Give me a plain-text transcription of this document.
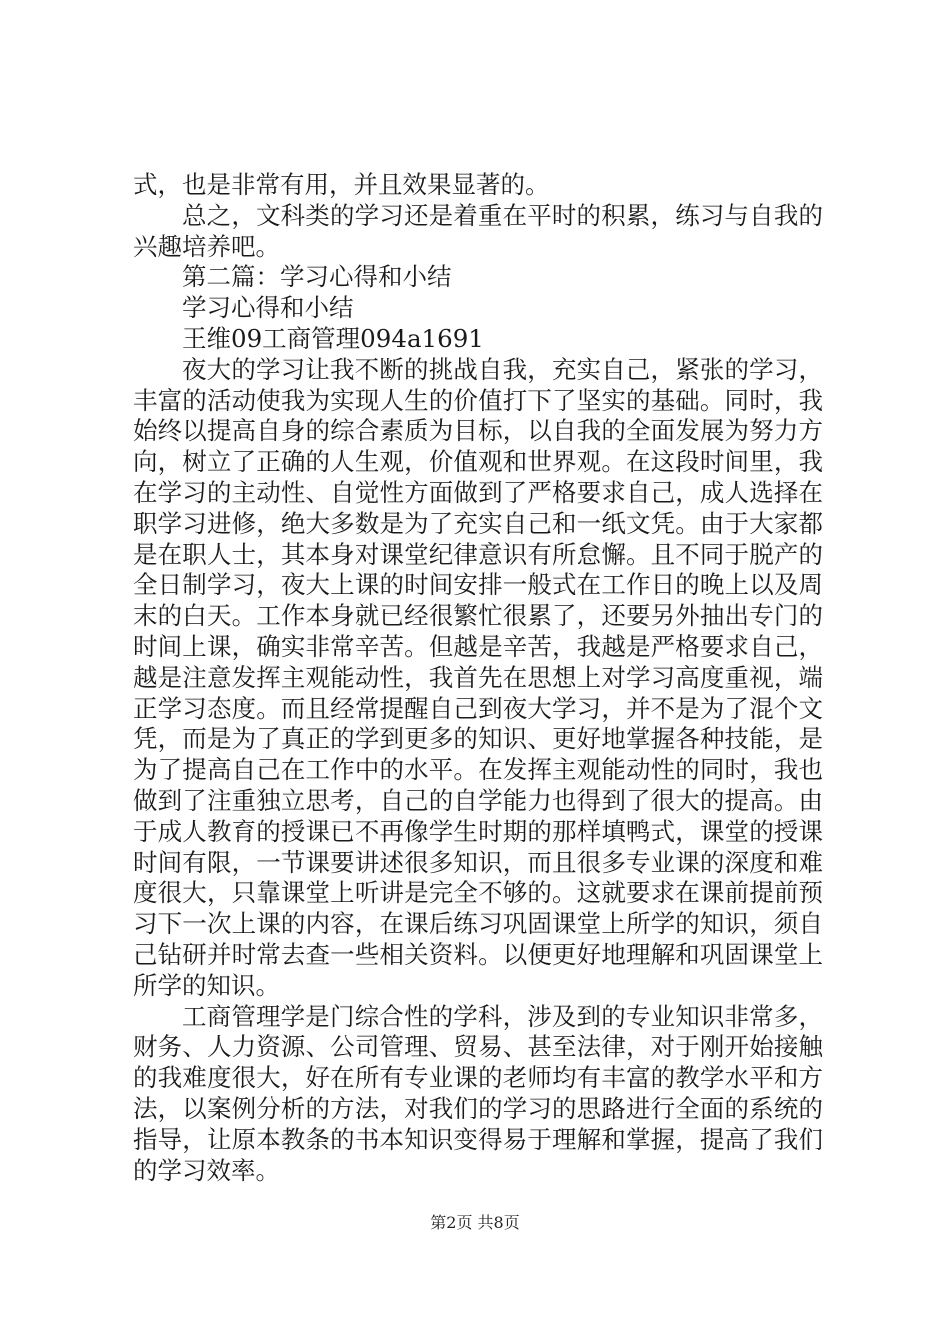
式，也是非常有用，并且效果显著的。

总之，文科类的学习还是着重在平时的积累，练习与自我的兴趣培养吧。

第二篇：学习心得和小结

学习心得和小结

王维09工商管理094a1691

夜大的学习让我不断的挑战自我，充实自己，紧张的学习，丰富的活动使我为实现人生的价值打下了坚实的基础。同时，我始终以提高自身的综合素质为目标，以自我的全面发展为努力方向，树立了正确的人生观，价值观和世界观。在这段时间里，我在学习的主动性、自觉性方面做到了严格要求自己，成人选择在职学习进修，绝大多数是为了充实自己和一纸文凭。由于大家都是在职人士，其本身对课堂纪律意识有所怠懈。且不同于脱产的全日制学习，夜大上课的时间安排一般式在工作日的晚上以及周末的白天。工作本身就已经很繁忙很累了，还要另外抽出专门的时间上课，确实非常辛苦。但越是辛苦，我越是严格要求自己，越是注意发挥主观能动性，我首先在思想上对学习高度重视，端正学习态度。而且经常提醒自己到夜大学习，并不是为了混个文凭，而是为了真正的学到更多的知识、更好地掌握各种技能，是为了提高自己在工作中的水平。在发挥主观能动性的同时，我也做到了注重独立思考，自己的自学能力也得到了很大的提高。由于成人教育的授课已不再像学生时期的那样填鸭式，课堂的授课时间有限，一节课要讲述很多知识，而且很多专业课的深度和难度很大，只靠课堂上听讲是完全不够的。这就要求在课前提前预习下一次上课的内容，在课后练习巩固课堂上所学的知识，须自己钻研并时常去查一些相关资料。以便更好地理解和巩固课堂上所学的知识。

工商管理学是门综合性的学科，涉及到的专业知识非常多，财务、人力资源、公司管理、贸易、甚至法律，对于刚开始接触的我难度很大，好在所有专业课的老师均有丰富的教学水平和方法，以案例分析的方法，对我们的学习的思路进行全面的系统的指导，让原本教条的书本知识变得易于理解和掌握，提高了我们的学习效率。

第2页 共8页
